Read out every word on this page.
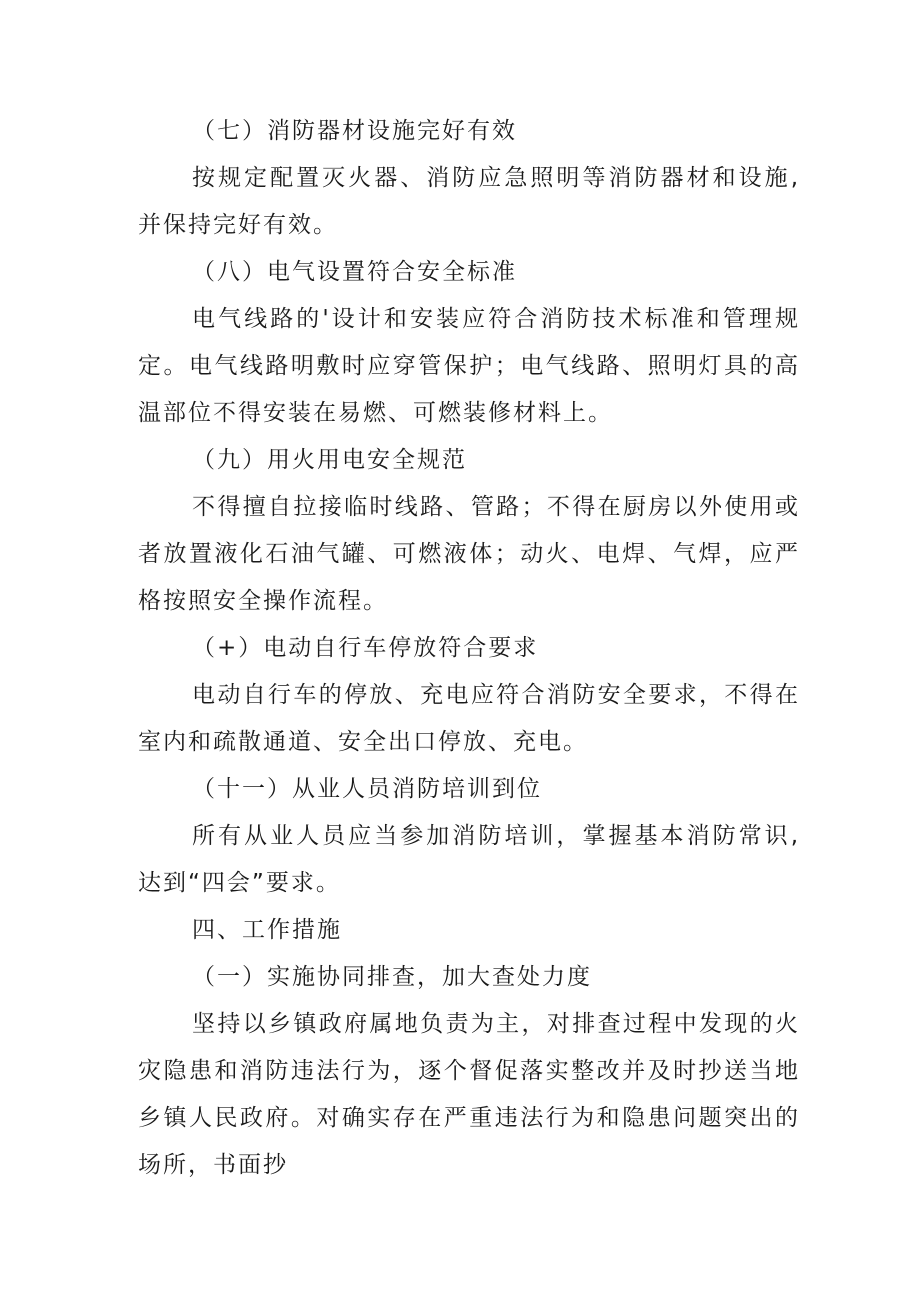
（七）消防器材设施完好有效

按规定配置灭火器、消防应急照明等消防器材和设施,并保持完好有效。

（八）电气设置符合安全标准

电气线路的'设计和安装应符合消防技术标准和管理规定。电气线路明敷时应穿管保护；电气线路、照明灯具的高温部位不得安装在易燃、可燃装修材料上。

（九）用火用电安全规范

不得擅自拉接临时线路、管路；不得在厨房以外使用或者放置液化石油气罐、可燃液体；动火、电焊、气焊，应严格按照安全操作流程。

（+）电动自行车停放符合要求

电动自行车的停放、充电应符合消防安全要求，不得在室内和疏散通道、安全出口停放、充电。

（十一）从业人员消防培训到位

所有从业人员应当参加消防培训，掌握基本消防常识,达到“四会”要求。

四、工作措施
（一）实施协同排查，加大查处力度

坚持以乡镇政府属地负责为主，对排查过程中发现的火灾隐患和消防违法行为，逐个督促落实整改并及时抄送当地乡镇人民政府。对确实存在严重违法行为和隐患问题突出的场所，书面抄
